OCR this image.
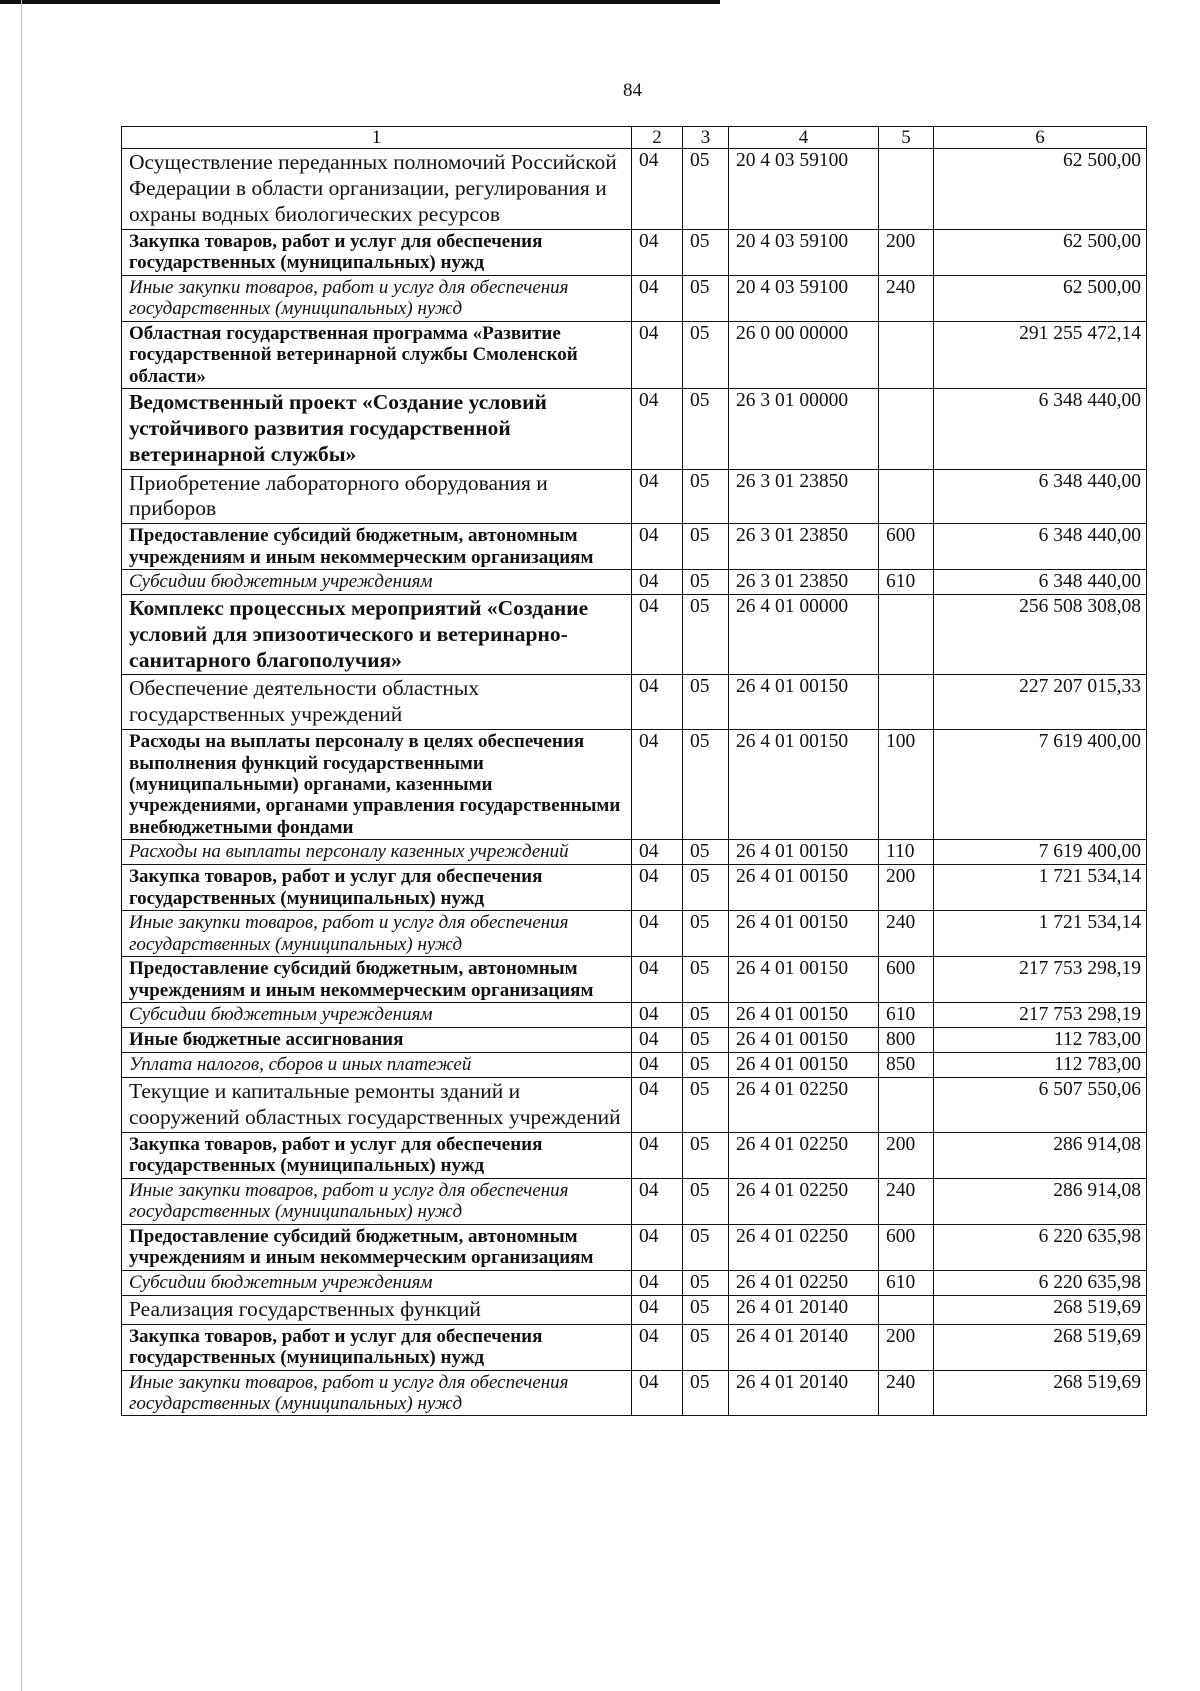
84
1	2	3	4	5	6
Осуществление переданных полномочий Российской Федерации в области организации, регулирования и охраны водных биологических ресурсов	04	05	20 4 03 59100		62 500,00
Закупка товаров, работ и услуг для обеспечения государственных (муниципальных) нужд	04	05	20 4 03 59100	200	62 500,00
Иные закупки товаров, работ и услуг для обеспечения государственных (муниципальных) нужд	04	05	20 4 03 59100	240	62 500,00
Областная государственная программа «Развитие государственной ветеринарной службы Смоленской области»	04	05	26 0 00 00000		291 255 472,14
Ведомственный проект «Создание условий устойчивого развития государственной ветеринарной службы»	04	05	26 3 01 00000		6 348 440,00
Приобретение лабораторного оборудования и приборов	04	05	26 3 01 23850		6 348 440,00
Предоставление субсидий бюджетным, автономным учреждениям и иным некоммерческим организациям	04	05	26 3 01 23850	600	6 348 440,00
Субсидии бюджетным учреждениям	04	05	26 3 01 23850	610	6 348 440,00
Комплекс процессных мероприятий «Создание условий для эпизоотического и ветеринарно-санитарного благополучия»	04	05	26 4 01 00000		256 508 308,08
Обеспечение деятельности областных государственных учреждений	04	05	26 4 01 00150		227 207 015,33
Расходы на выплаты персоналу в целях обеспечения выполнения функций государственными (муниципальными) органами, казенными учреждениями, органами управления государственными внебюджетными фондами	04	05	26 4 01 00150	100	7 619 400,00
Расходы на выплаты персоналу казенных учреждений	04	05	26 4 01 00150	110	7 619 400,00
Закупка товаров, работ и услуг для обеспечения государственных (муниципальных) нужд	04	05	26 4 01 00150	200	1 721 534,14
Иные закупки товаров, работ и услуг для обеспечения государственных (муниципальных) нужд	04	05	26 4 01 00150	240	1 721 534,14
Предоставление субсидий бюджетным, автономным учреждениям и иным некоммерческим организациям	04	05	26 4 01 00150	600	217 753 298,19
Субсидии бюджетным учреждениям	04	05	26 4 01 00150	610	217 753 298,19
Иные бюджетные ассигнования	04	05	26 4 01 00150	800	112 783,00
Уплата налогов, сборов и иных платежей	04	05	26 4 01 00150	850	112 783,00
Текущие и капитальные ремонты зданий и сооружений областных государственных учреждений	04	05	26 4 01 02250		6 507 550,06
Закупка товаров, работ и услуг для обеспечения государственных (муниципальных) нужд	04	05	26 4 01 02250	200	286 914,08
Иные закупки товаров, работ и услуг для обеспечения государственных (муниципальных) нужд	04	05	26 4 01 02250	240	286 914,08
Предоставление субсидий бюджетным, автономным учреждениям и иным некоммерческим организациям	04	05	26 4 01 02250	600	6 220 635,98
Субсидии бюджетным учреждениям	04	05	26 4 01 02250	610	6 220 635,98
Реализация государственных функций	04	05	26 4 01 20140		268 519,69
Закупка товаров, работ и услуг для обеспечения государственных (муниципальных) нужд	04	05	26 4 01 20140	200	268 519,69
Иные закупки товаров, работ и услуг для обеспечения государственных (муниципальных) нужд	04	05	26 4 01 20140	240	268 519,69
